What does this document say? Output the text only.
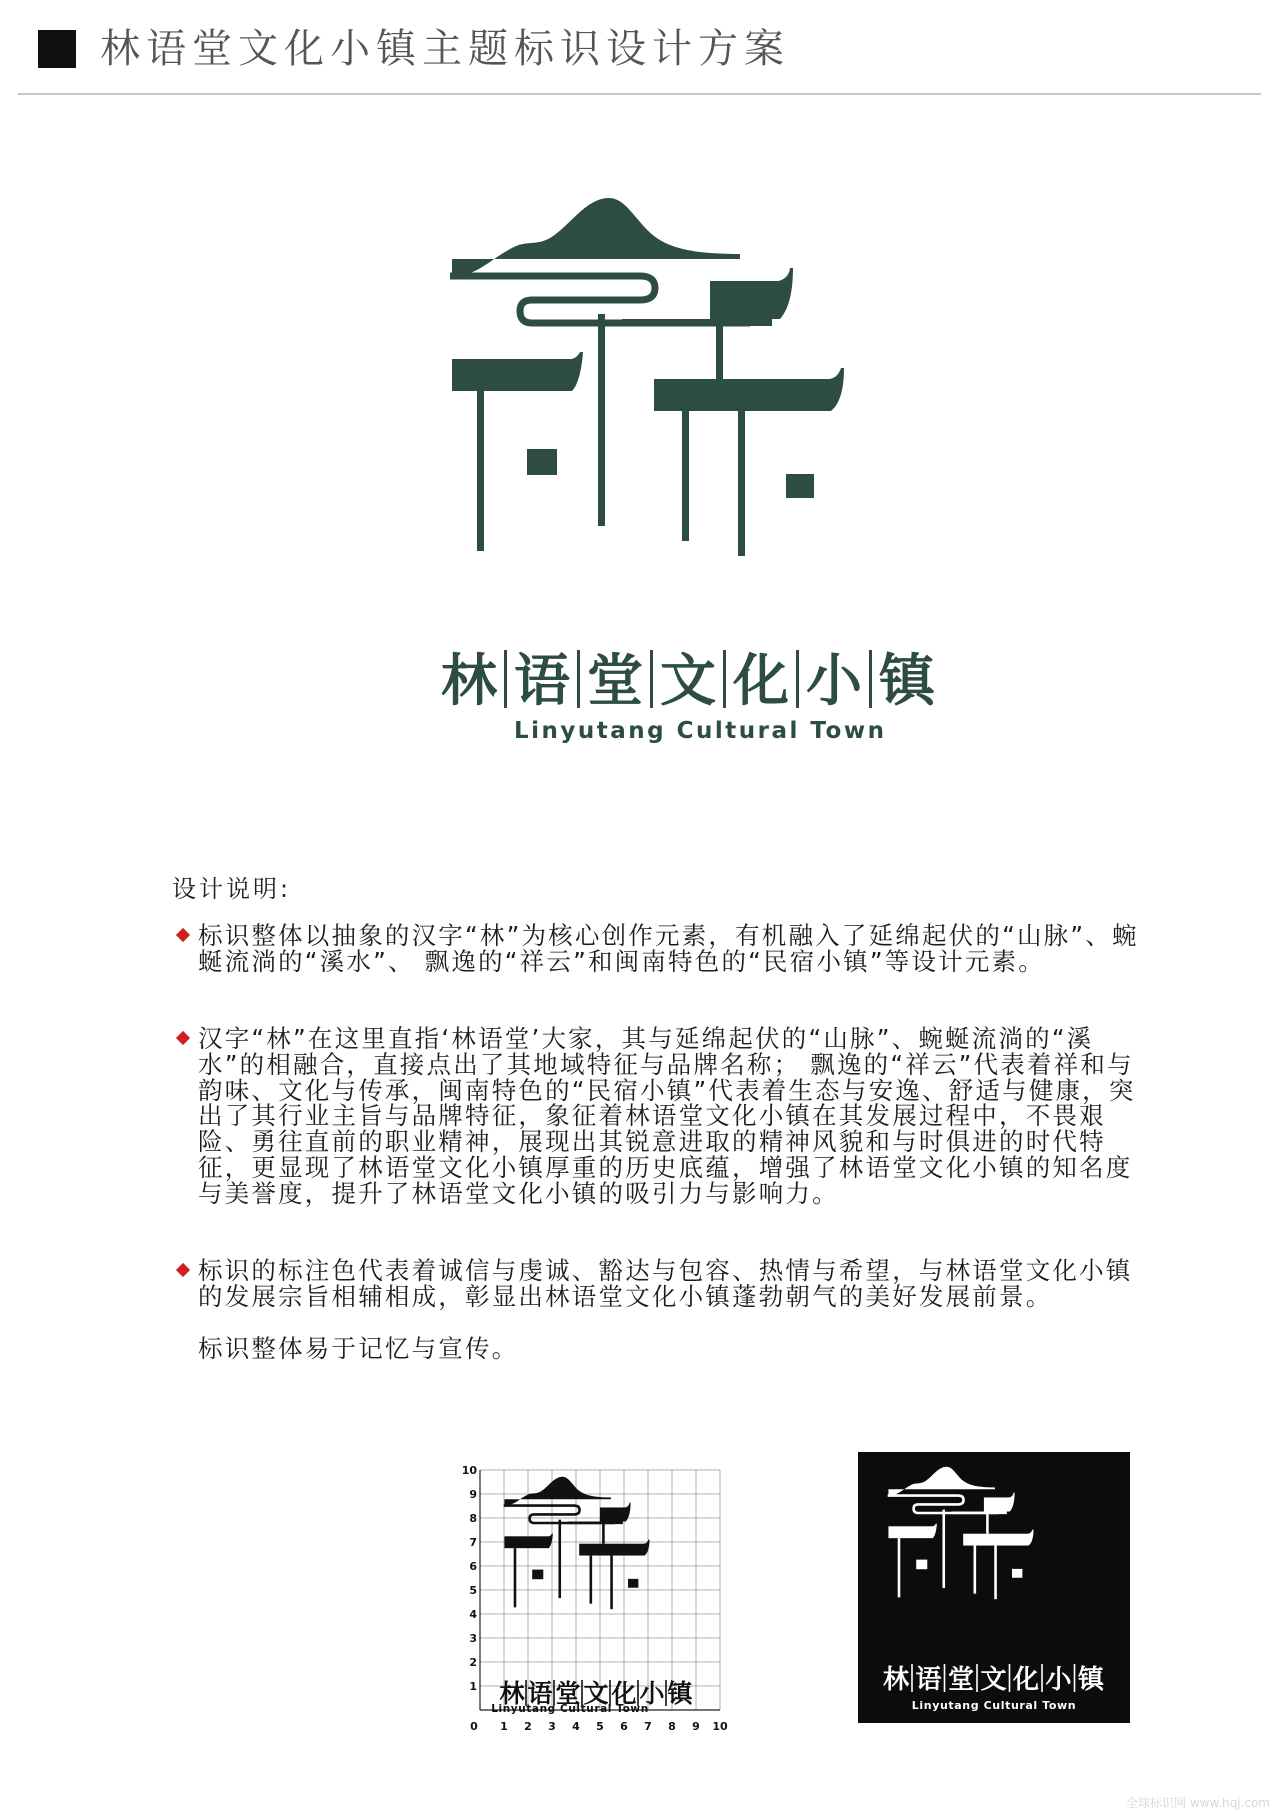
林语堂文化小镇主题标识设计方案
林 语 堂 文 化 小 镇
Linyutang Cultural Town
设计说明:
标识整体以抽象的汉字“林”为核心创作元素，有机融入了延绵起伏的“山脉”、蜿蜒流淌的“溪水”、 飘逸的“祥云”和闽南特色的“民宿小镇”等设计元素。
汉字“林”在这里直指‘林语堂’大家，其与延绵起伏的“山脉”、蜿蜒流淌的“溪水”的相融合，直接点出了其地域特征与品牌名称； 飘逸的“祥云”代表着祥和与韵味、文化与传承，闽南特色的“民宿小镇”代表着生态与安逸、舒适与健康，突出了其行业主旨与品牌特征，象征着林语堂文化小镇在其发展过程中，不畏艰险、勇往直前的职业精神，展现出其锐意进取的精神风貌和与时俱进的时代特征，更显现了林语堂文化小镇厚重的历史底蕴，增强了林语堂文化小镇的知名度与美誉度，提升了林语堂文化小镇的吸引力与影响力。
标识的标注色代表着诚信与虔诚、豁达与包容、热情与希望，与林语堂文化小镇的发展宗旨相辅相成，彰显出林语堂文化小镇蓬勃朝气的美好发展前景。
标识整体易于记忆与宣传。
0 1 2 3 4 5 6 7 8 9 10
1
2
3
4
5
6
7
8
9
10
林 语 堂 文 化 小 镇
Linyutang Cultural Town
林 语 堂 文 化 小 镇
Linyutang Cultural Town
全球标识网 www.hqj.com
